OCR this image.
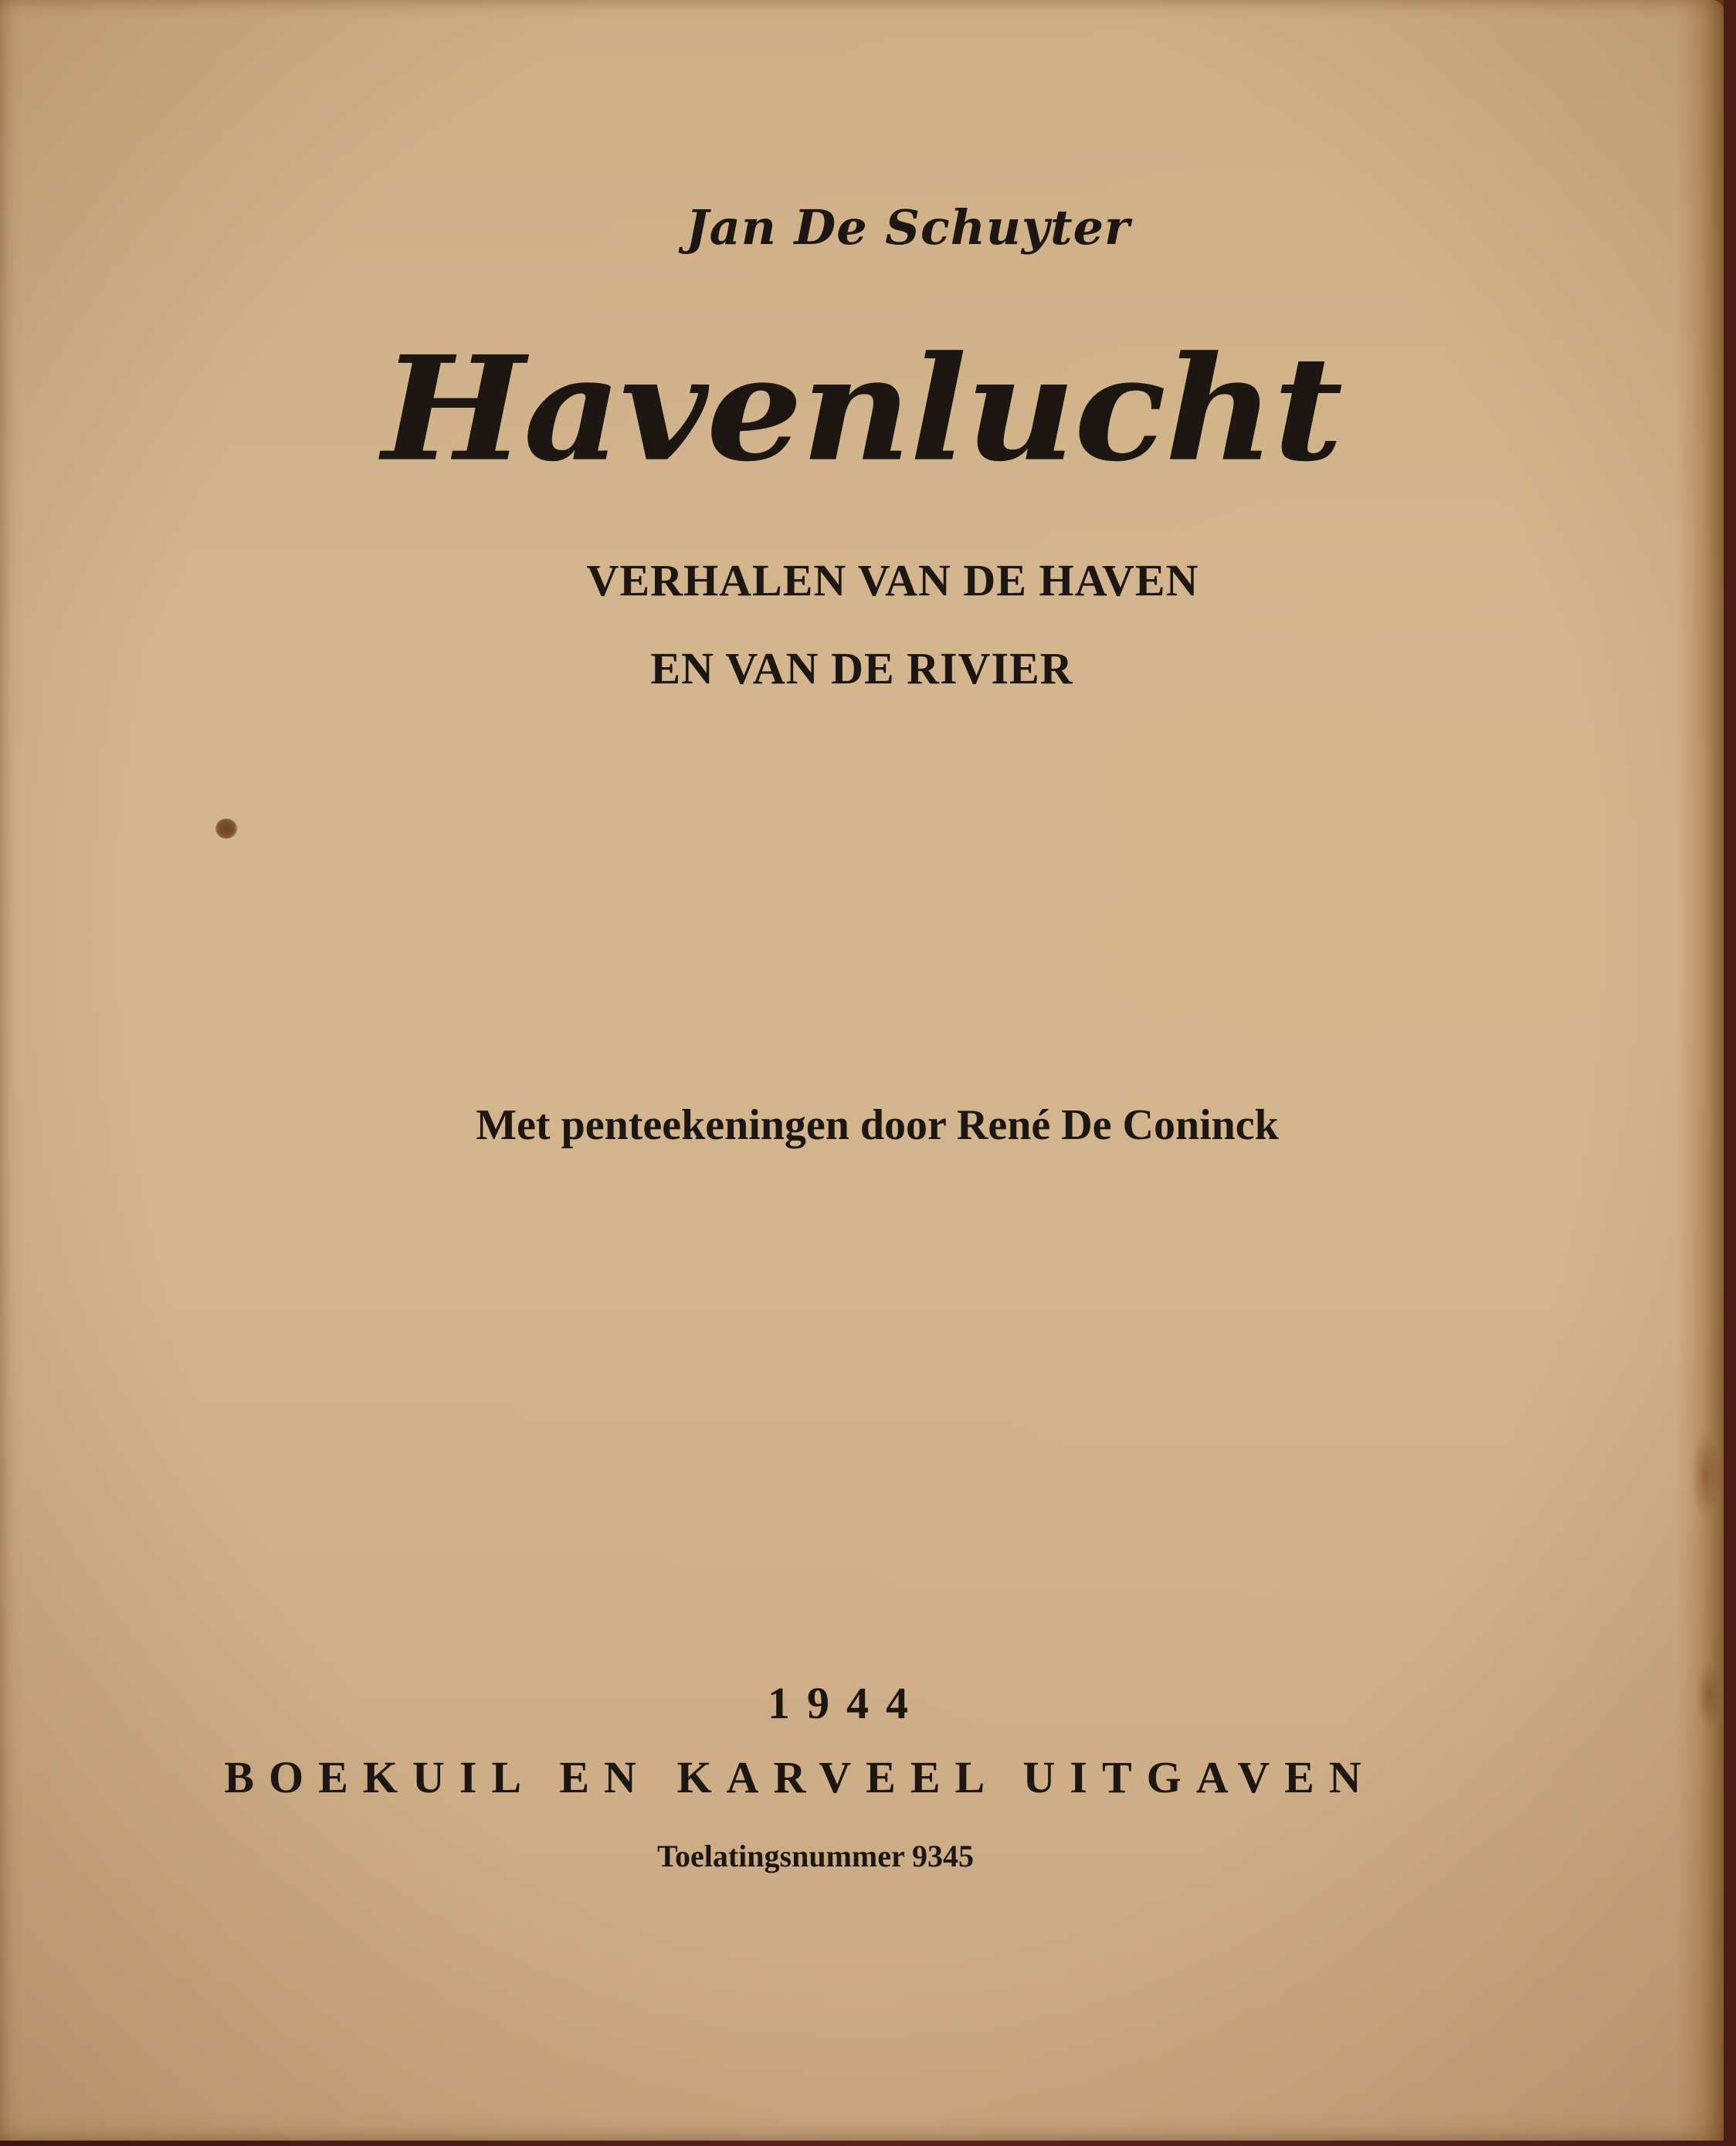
Jan De Schuyter

Havenlucht

VERHALEN VAN DE HAVEN

EN VAN DE RIVIER

Met penteekeningen door René De Coninck

1944

BOEKUIL EN KARVEEL UITGAVEN

Toelatingsnummer 9345
